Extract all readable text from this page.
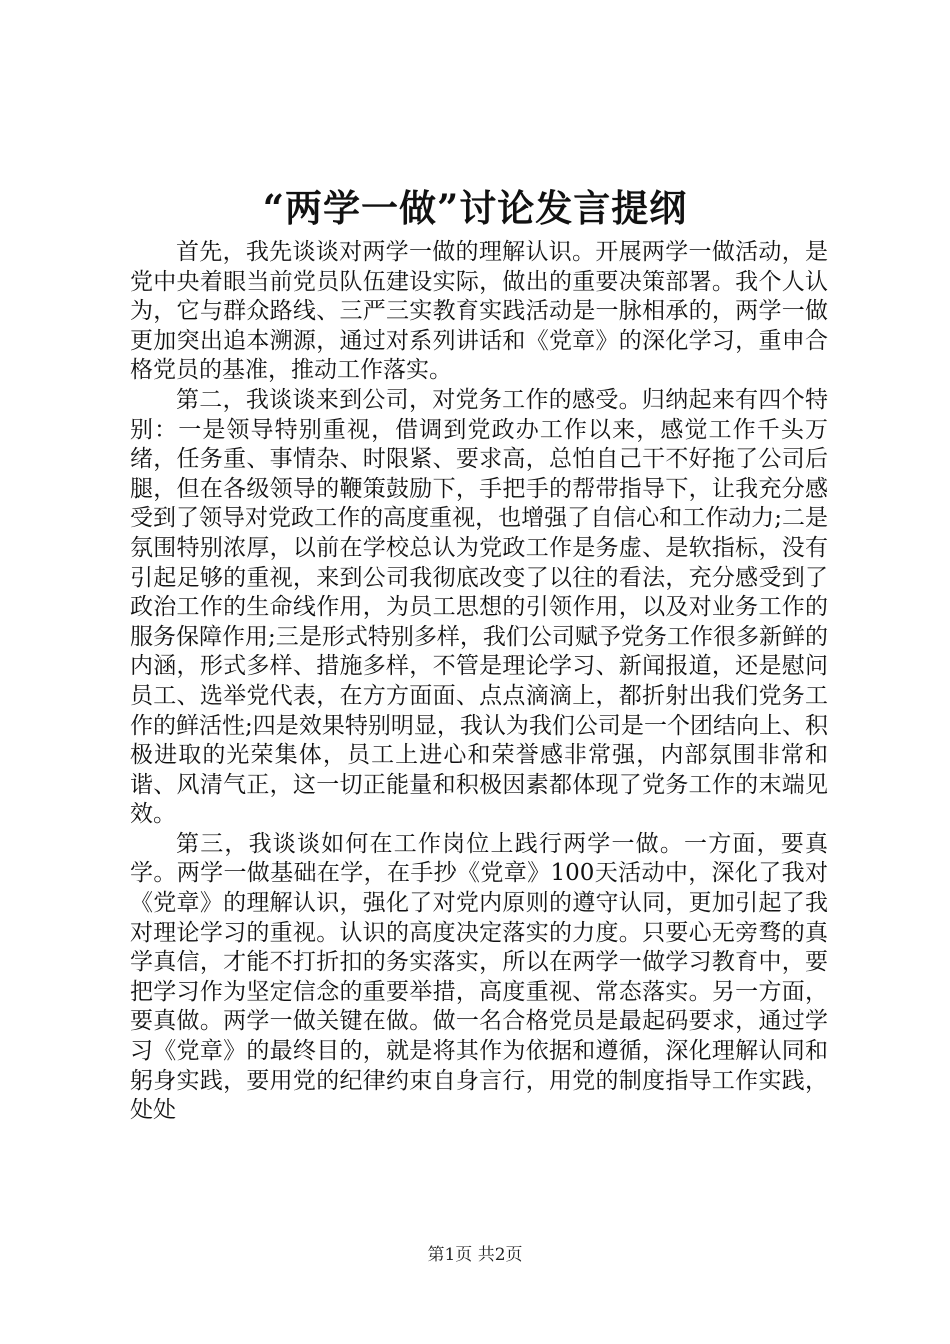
“两学一做”讨论发言提纲

首先，我先谈谈对两学一做的理解认识。开展两学一做活动，是党中央着眼当前党员队伍建设实际，做出的重要决策部署。我个人认为，它与群众路线、三严三实教育实践活动是一脉相承的，两学一做更加突出追本溯源，通过对系列讲话和《党章》的深化学习，重申合格党员的基准，推动工作落实。

第二，我谈谈来到公司，对党务工作的感受。归纳起来有四个特别：一是领导特别重视，借调到党政办工作以来，感觉工作千头万绪，任务重、事情杂、时限紧、要求高，总怕自己干不好拖了公司后腿，但在各级领导的鞭策鼓励下，手把手的帮带指导下，让我充分感受到了领导对党政工作的高度重视，也增强了自信心和工作动力;二是氛围特别浓厚，以前在学校总认为党政工作是务虚、是软指标，没有引起足够的重视，来到公司我彻底改变了以往的看法，充分感受到了政治工作的生命线作用，为员工思想的引领作用，以及对业务工作的服务保障作用;三是形式特别多样，我们公司赋予党务工作很多新鲜的内涵，形式多样、措施多样，不管是理论学习、新闻报道，还是慰问员工、选举党代表，在方方面面、点点滴滴上，都折射出我们党务工作的鲜活性;四是效果特别明显，我认为我们公司是一个团结向上、积极进取的光荣集体，员工上进心和荣誉感非常强，内部氛围非常和谐、风清气正，这一切正能量和积极因素都体现了党务工作的末端见效。

第三，我谈谈如何在工作岗位上践行两学一做。一方面，要真学。两学一做基础在学，在手抄《党章》100天活动中，深化了我对《党章》的理解认识，强化了对党内原则的遵守认同，更加引起了我对理论学习的重视。认识的高度决定落实的力度。只要心无旁骛的真学真信，才能不打折扣的务实落实，所以在两学一做学习教育中，要把学习作为坚定信念的重要举措，高度重视、常态落实。另一方面，要真做。两学一做关键在做。做一名合格党员是最起码要求，通过学习《党章》的最终目的，就是将其作为依据和遵循，深化理解认同和躬身实践，要用党的纪律约束自身言行，用党的制度指导工作实践，处处

第1页 共2页
